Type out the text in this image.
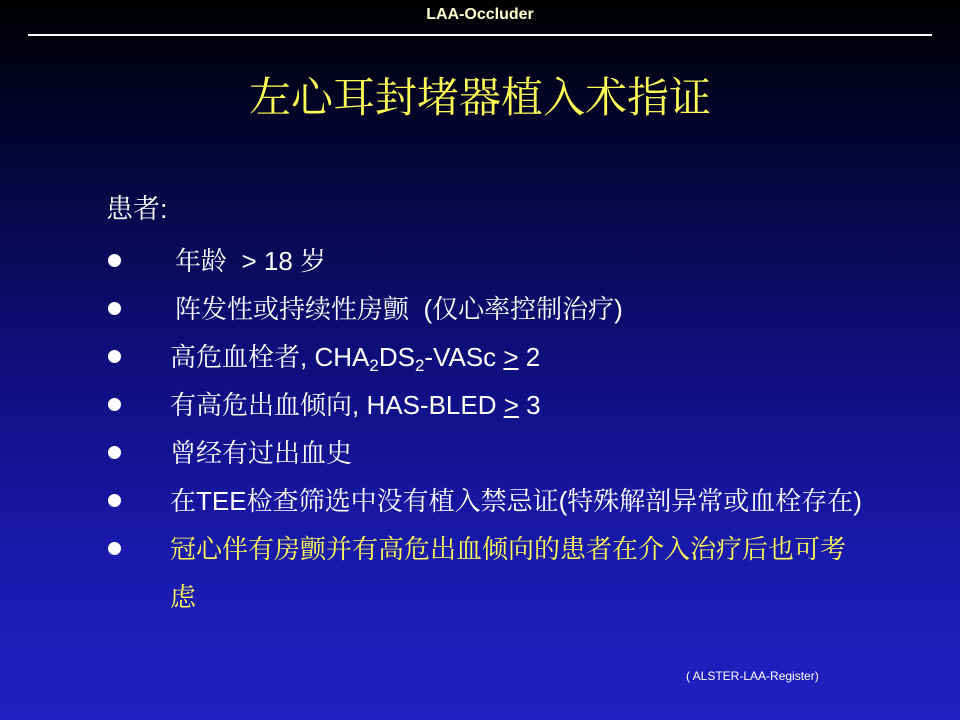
LAA-Occluder
左心耳封堵器植入术指证
患者:
年龄  > 18 岁
阵发性或持续性房颤  (仅心率控制治疗)
高危血栓者, $CHA_2DS_2$-VASc ≥ 2
有高危出血倾向, HAS-BLED ≥ 3
曾经有过出血史
在TEE检查筛选中没有植入禁忌证(特殊解剖异常或血栓存在)
冠心伴有房颤并有高危出血倾向的患者在介入治疗后也可考
虑
( ALSTER-LAA-Register)
